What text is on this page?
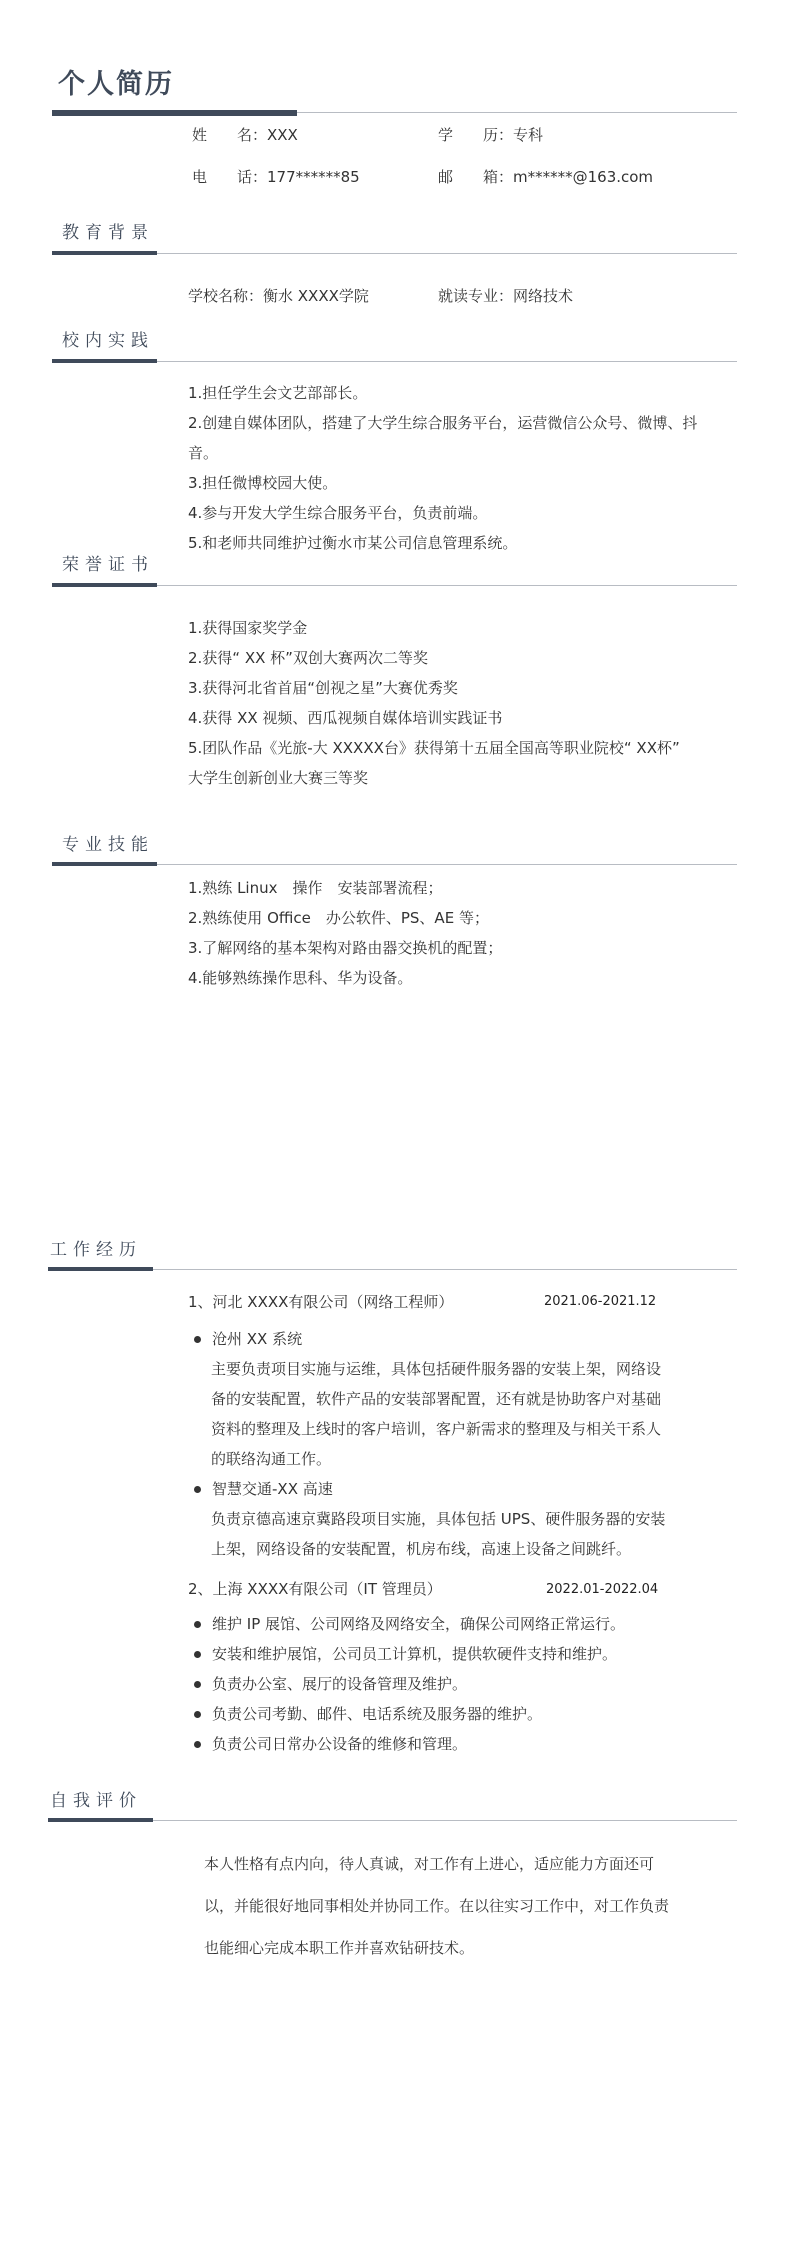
个人简历
姓　　名：XXX	学　　历：专科
电　　话：177******85	邮　　箱：m******@163.com
教育背景
学校名称：衡水 XXXX学院	就读专业：网络技术
校内实践
1.担任学生会文艺部部长。
2.创建自媒体团队，搭建了大学生综合服务平台，运营微信公众号、微博、抖
音。
3.担任微博校园大使。
4.参与开发大学生综合服务平台，负责前端。
5.和老师共同维护过衡水市某公司信息管理系统。
荣誉证书
1.获得国家奖学金
2.获得“ XX 杯”双创大赛两次二等奖
3.获得河北省首届“创视之星”大赛优秀奖
4.获得 XX 视频、西瓜视频自媒体培训实践证书
5.团队作品《光旅-大 XXXXX台》获得第十五届全国高等职业院校“ XX杯”
大学生创新创业大赛三等奖
专业技能
1.熟练 Linux　操作　安装部署流程；
2.熟练使用 Office　办公软件、PS、AE 等；
3.了解网络的基本架构对路由器交换机的配置；
4.能够熟练操作思科、华为设备。
工作经历
1、河北 XXXX有限公司（网络工程师）	2021.06-2021.12
沧州 XX 系统
主要负责项目实施与运维，具体包括硬件服务器的安装上架，网络设
备的安装配置，软件产品的安装部署配置，还有就是协助客户对基础
资料的整理及上线时的客户培训，客户新需求的整理及与相关干系人
的联络沟通工作。
智慧交通-XX 高速
负责京德高速京冀路段项目实施，具体包括 UPS、硬件服务器的安装
上架，网络设备的安装配置，机房布线，高速上设备之间跳纤。
2、上海 XXXX有限公司（IT 管理员）	2022.01-2022.04
维护 IP 展馆、公司网络及网络安全，确保公司网络正常运行。
安装和维护展馆，公司员工计算机，提供软硬件支持和维护。
负责办公室、展厅的设备管理及维护。
负责公司考勤、邮件、电话系统及服务器的维护。
负责公司日常办公设备的维修和管理。
自我评价
本人性格有点内向，待人真诚，对工作有上进心，适应能力方面还可
以，并能很好地同事相处并协同工作。在以往实习工作中，对工作负责
也能细心完成本职工作并喜欢钻研技术。
